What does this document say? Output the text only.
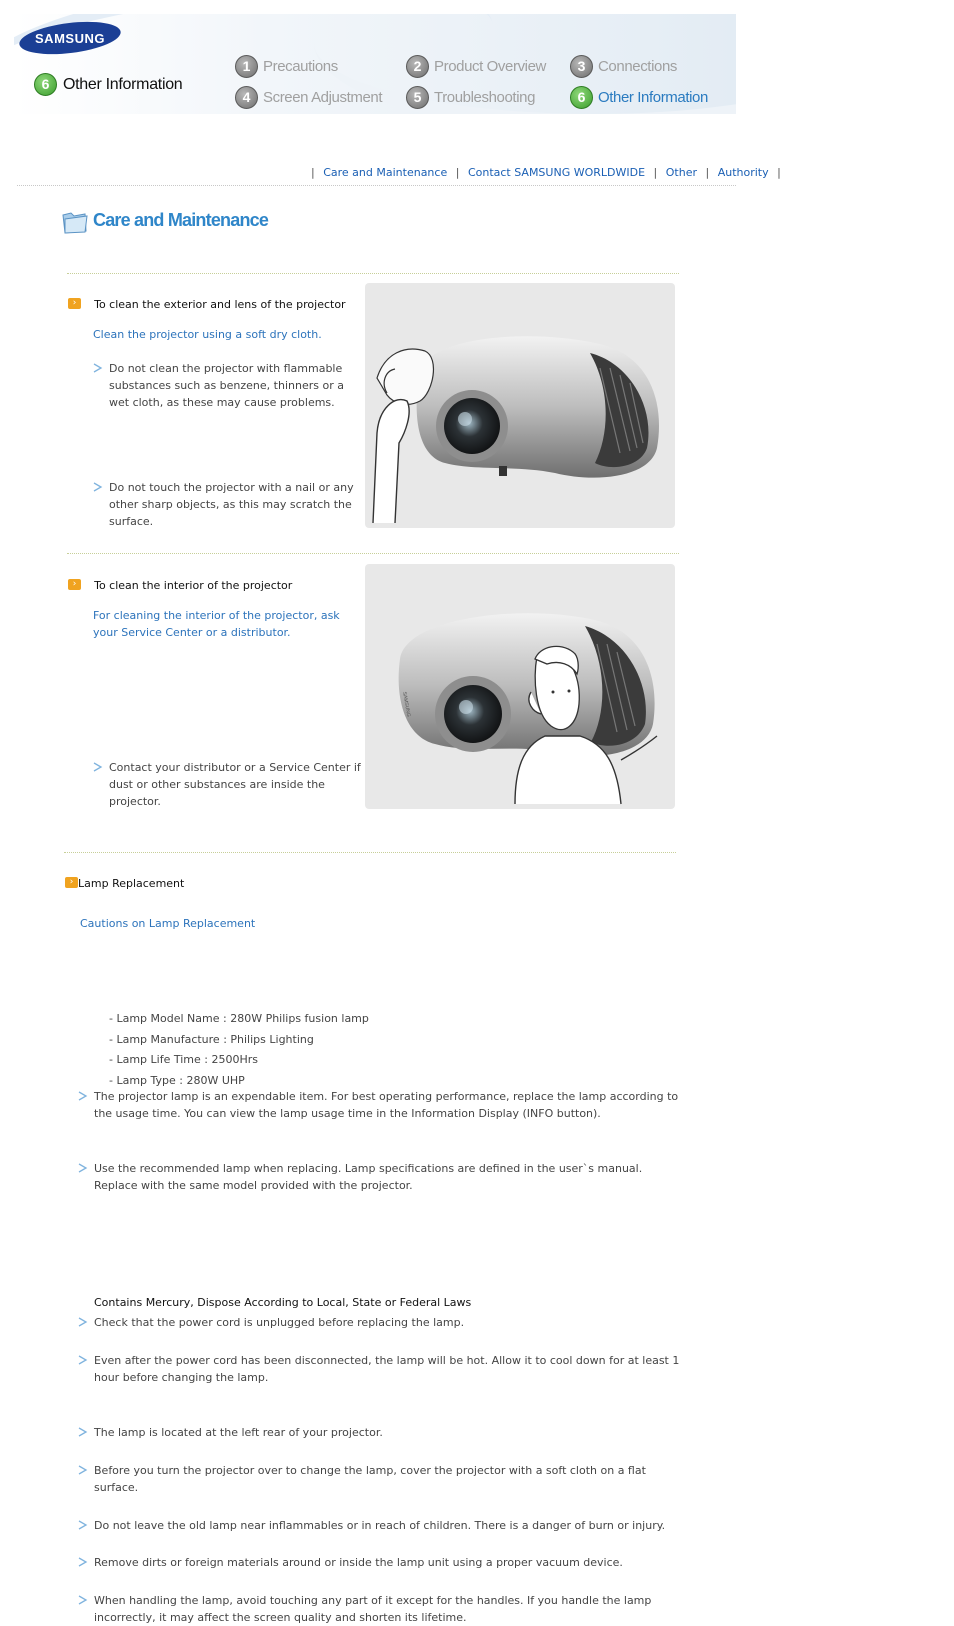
SAMSUNG
6 Other Information
1 Precautions	2 Product Overview	3 Connections
4 Screen Adjustment	5 Troubleshooting	6 Other Information
| Care and Maintenance | Contact SAMSUNG WORLDWIDE | Other | Authority |
Care and Maintenance
› To clean the exterior and lens of the projector
Clean the projector using a soft dry cloth.
Do not clean the projector with flammable substances such as benzene, thinners or a wet cloth, as these may cause problems.
Do not touch the projector with a nail or any other sharp objects, as this may scratch the surface.
› To clean the interior of the projector
For cleaning the interior of the projector, ask your Service Center or a distributor.
Contact your distributor or a Service Center if dust or other substances are inside the projector.
SAMSUNG
› Lamp Replacement
Cautions on Lamp Replacement
The projector lamp is an expendable item. For best operating performance, replace the lamp according to the usage time. You can view the lamp usage time in the Information Display (INFO button).
Use the recommended lamp when replacing. Lamp specifications are defined in the user`s manual. Replace with the same model provided with the projector.
- Lamp Model Name : 280W Philips fusion lamp
- Lamp Manufacture : Philips Lighting
- Lamp Life Time : 2500Hrs
- Lamp Type : 280W UHP
Check that the power cord is unplugged before replacing the lamp.
Even after the power cord has been disconnected, the lamp will be hot. Allow it to cool down for at least 1 hour before changing the lamp.
The lamp is located at the left rear of your projector.
Before you turn the projector over to change the lamp, cover the projector with a soft cloth on a flat surface.
Do not leave the old lamp near inflammables or in reach of children. There is a danger of burn or injury.
Remove dirts or foreign materials around or inside the lamp unit using a proper vacuum device.
When handling the lamp, avoid touching any part of it except for the handles. If you handle the lamp incorrectly, it may affect the screen quality and shorten its lifetime.
Contains Mercury, Dispose According to Local, State or Federal Laws
